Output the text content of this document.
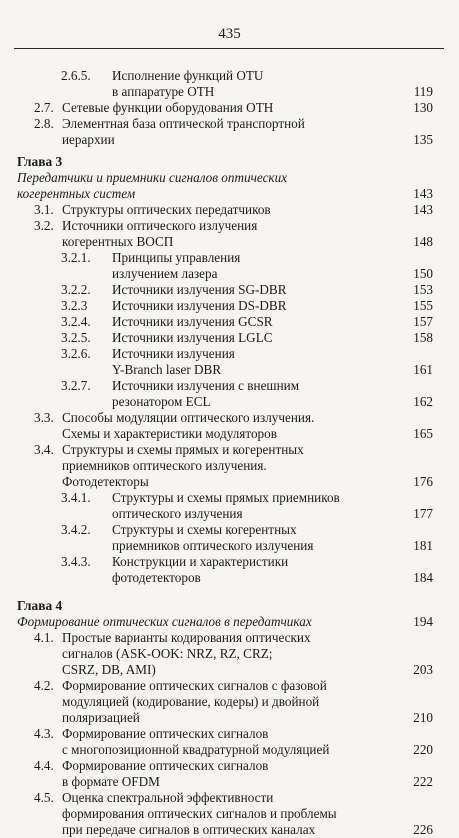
435
2.6.5. Исполнение функций OTU
в аппаратуре OTH	119
2.7. Сетевые функции оборудования OTH	130
2.8. Элементная база оптической транспортной
иерархии	135
Глава 3
Передатчики и приемники сигналов оптических
когерентных систем	143
3.1. Структуры оптических передатчиков	143
3.2. Источники оптического излучения
когерентных ВОСП	148
3.2.1. Принципы управления
излучением лазера	150
3.2.2. Источники излучения SG-DBR	153
3.2.3 Источники излучения DS-DBR	155
3.2.4. Источники излучения GCSR	157
3.2.5. Источники излучения LGLC	158
3.2.6. Источники излучения
Y-Branch laser DBR	161
3.2.7. Источники излучения с внешним
резонатором ECL	162
3.3. Способы модуляции оптического излучения.
Схемы и характеристики модуляторов	165
3.4. Структуры и схемы прямых и когерентных
приемников оптического излучения.
Фотодетекторы	176
3.4.1. Структуры и схемы прямых приемников
оптического излучения	177
3.4.2. Структуры и схемы когерентных
приемников оптического излучения	181
3.4.3. Конструкции и характеристики
фотодетекторов	184
Глава 4
Формирование оптических сигналов в передатчиках	194
4.1. Простые варианты кодирования оптических
сигналов (ASK-OOK: NRZ, RZ, CRZ;
CSRZ, DB, AMI)	203
4.2. Формирование оптических сигналов с фазовой
модуляцией (кодирование, кодеры) и двойной
поляризацией	210
4.3. Формирование оптических сигналов
с многопозиционной квадратурной модуляцией	220
4.4. Формирование оптических сигналов
в формате OFDM	222
4.5. Оценка спектральной эффективности
формирования оптических сигналов и проблемы
при передаче сигналов в оптических каналах	226
